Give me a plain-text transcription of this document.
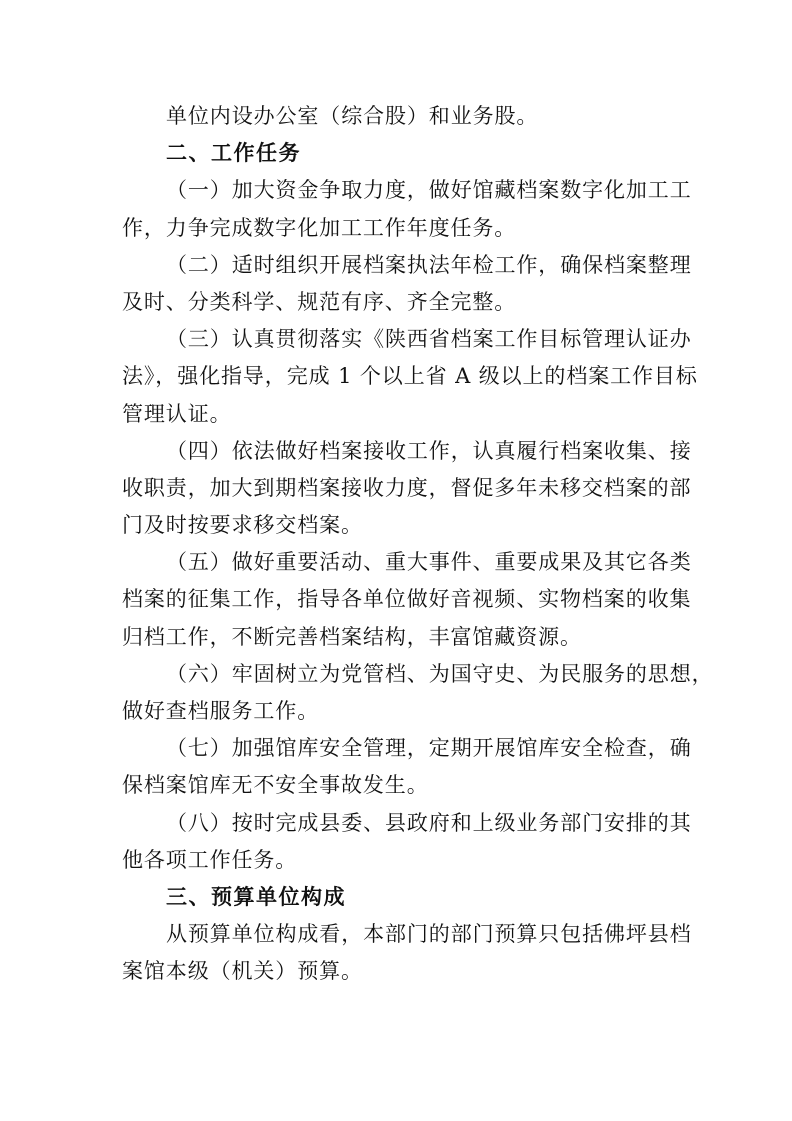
单位内设办公室（综合股）和业务股。
二、工作任务
（一）加大资金争取力度，做好馆藏档案数字化加工工
作，力争完成数字化加工工作年度任务。
（二）适时组织开展档案执法年检工作，确保档案整理
及时、分类科学、规范有序、齐全完整。
（三）认真贯彻落实《陕西省档案工作目标管理认证办
法》，强化指导，完成 1 个以上省 A 级以上的档案工作目标
管理认证。
（四）依法做好档案接收工作，认真履行档案收集、接
收职责，加大到期档案接收力度，督促多年未移交档案的部
门及时按要求移交档案。
（五）做好重要活动、重大事件、重要成果及其它各类
档案的征集工作，指导各单位做好音视频、实物档案的收集
归档工作，不断完善档案结构，丰富馆藏资源。
（六）牢固树立为党管档、为国守史、为民服务的思想，
做好查档服务工作。
（七）加强馆库安全管理，定期开展馆库安全检查，确
保档案馆库无不安全事故发生。
（八）按时完成县委、县政府和上级业务部门安排的其
他各项工作任务。
三、预算单位构成
从预算单位构成看，本部门的部门预算只包括佛坪县档
案馆本级（机关）预算。
